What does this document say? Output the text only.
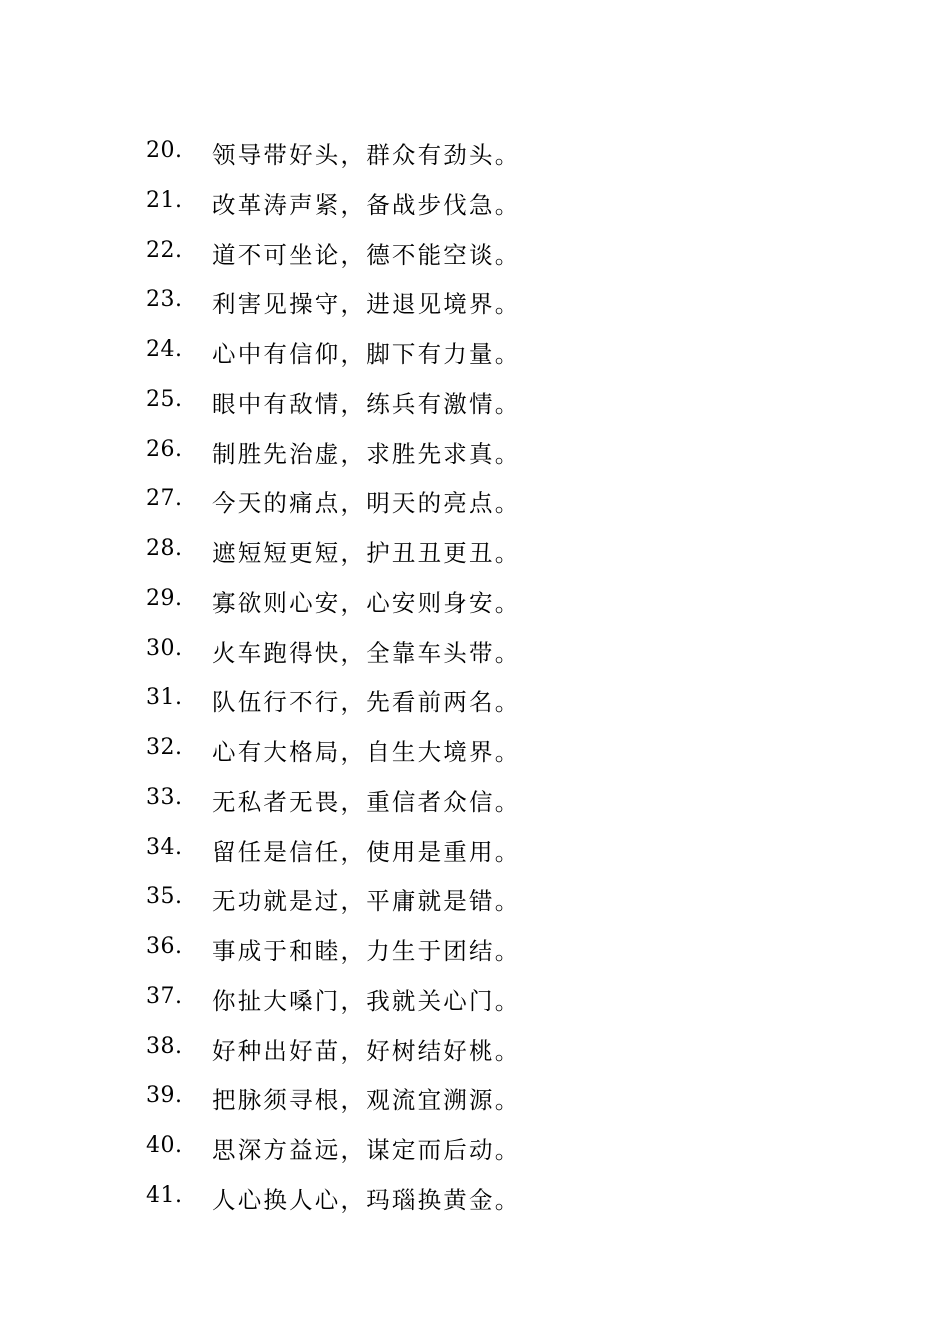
20. 领导带好头，群众有劲头。
21. 改革涛声紧，备战步伐急。
22. 道不可坐论，德不能空谈。
23. 利害见操守，进退见境界。
24. 心中有信仰，脚下有力量。
25. 眼中有敌情，练兵有激情。
26. 制胜先治虚，求胜先求真。
27. 今天的痛点，明天的亮点。
28. 遮短短更短，护丑丑更丑。
29. 寡欲则心安，心安则身安。
30. 火车跑得快，全靠车头带。
31. 队伍行不行，先看前两名。
32. 心有大格局，自生大境界。
33. 无私者无畏，重信者众信。
34. 留任是信任，使用是重用。
35. 无功就是过，平庸就是错。
36. 事成于和睦，力生于团结。
37. 你扯大嗓门，我就关心门。
38. 好种出好苗，好树结好桃。
39. 把脉须寻根，观流宜溯源。
40. 思深方益远，谋定而后动。
41. 人心换人心，玛瑙换黄金。
